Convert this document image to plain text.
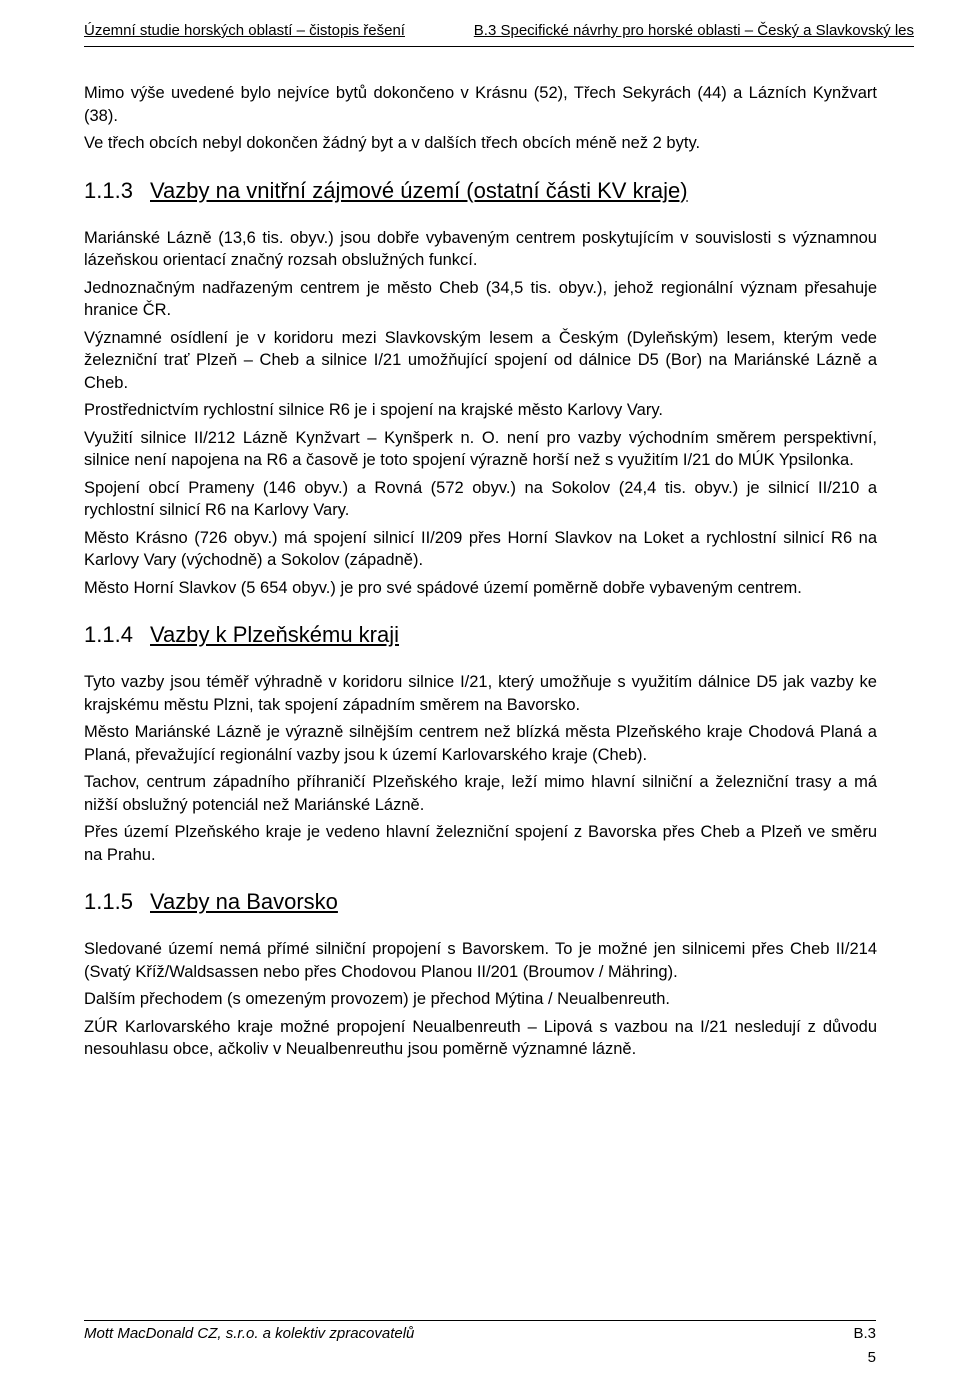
Územní studie horských oblastí – čistopis řešení	B.3 Specifické návrhy pro horské oblasti – Český a Slavkovský les

Mimo výše uvedené bylo nejvíce bytů dokončeno v Krásnu (52), Třech Sekyrách (44) a Lázních Kynžvart (38).

Ve třech obcích nebyl dokončen žádný byt a v dalších třech obcích méně než 2 byty.

1.1.3 Vazby na vnitřní zájmové území (ostatní části KV kraje)

Mariánské Lázně (13,6 tis. obyv.) jsou dobře vybaveným centrem poskytujícím v souvislosti s významnou lázeňskou orientací značný rozsah obslužných funkcí.

Jednoznačným nadřazeným centrem je město Cheb (34,5 tis. obyv.), jehož regionální význam přesahuje hranice ČR.

Významné osídlení je v koridoru mezi Slavkovským lesem a Českým (Dyleňským) lesem, kterým vede železniční trať Plzeň – Cheb a silnice I/21 umožňující spojení od dálnice D5 (Bor) na Mariánské Lázně a Cheb.

Prostřednictvím rychlostní silnice R6 je i spojení na krajské město Karlovy Vary.

Využití silnice II/212 Lázně Kynžvart – Kynšperk n. O. není pro vazby východním směrem perspektivní, silnice není napojena na R6 a časově je toto spojení výrazně horší než s využitím I/21 do MÚK Ypsilonka.

Spojení obcí Prameny (146 obyv.) a Rovná (572 obyv.) na Sokolov (24,4 tis. obyv.) je silnicí II/210 a rychlostní silnicí R6 na Karlovy Vary.

Město Krásno (726 obyv.) má spojení silnicí II/209 přes Horní Slavkov na Loket a rychlostní silnicí R6 na Karlovy Vary (východně) a Sokolov (západně).

Město Horní Slavkov (5 654 obyv.) je pro své spádové území poměrně dobře vybaveným centrem.

1.1.4 Vazby k Plzeňskému kraji

Tyto vazby jsou téměř výhradně v koridoru silnice I/21, který umožňuje s využitím dálnice D5 jak vazby ke krajskému městu Plzni, tak spojení západním směrem na Bavorsko.

Město Mariánské Lázně je výrazně silnějším centrem než blízká města Plzeňského kraje Chodová Planá a Planá, převažující regionální vazby jsou k území Karlovarského kraje (Cheb).

Tachov, centrum západního příhraničí Plzeňského kraje, leží mimo hlavní silniční a železniční trasy a má nižší obslužný potenciál než Mariánské Lázně.

Přes území Plzeňského kraje je vedeno hlavní železniční spojení z Bavorska přes Cheb a Plzeň ve směru na Prahu.

1.1.5 Vazby na Bavorsko

Sledované území nemá přímé silniční propojení s Bavorskem. To je možné jen silnicemi přes Cheb II/214 (Svatý Kříž/Waldsassen nebo přes Chodovou Planou II/201 (Broumov / Mähring).

Dalším přechodem (s omezeným provozem) je přechod Mýtina / Neualbenreuth.

ZÚR Karlovarského kraje možné propojení Neualbenreuth – Lipová s vazbou na I/21 nesledují z důvodu nesouhlasu obce, ačkoliv v Neualbenreuthu jsou poměrně významné lázně.

Mott MacDonald CZ, s.r.o. a kolektiv zpracovatelů	B.3
5
